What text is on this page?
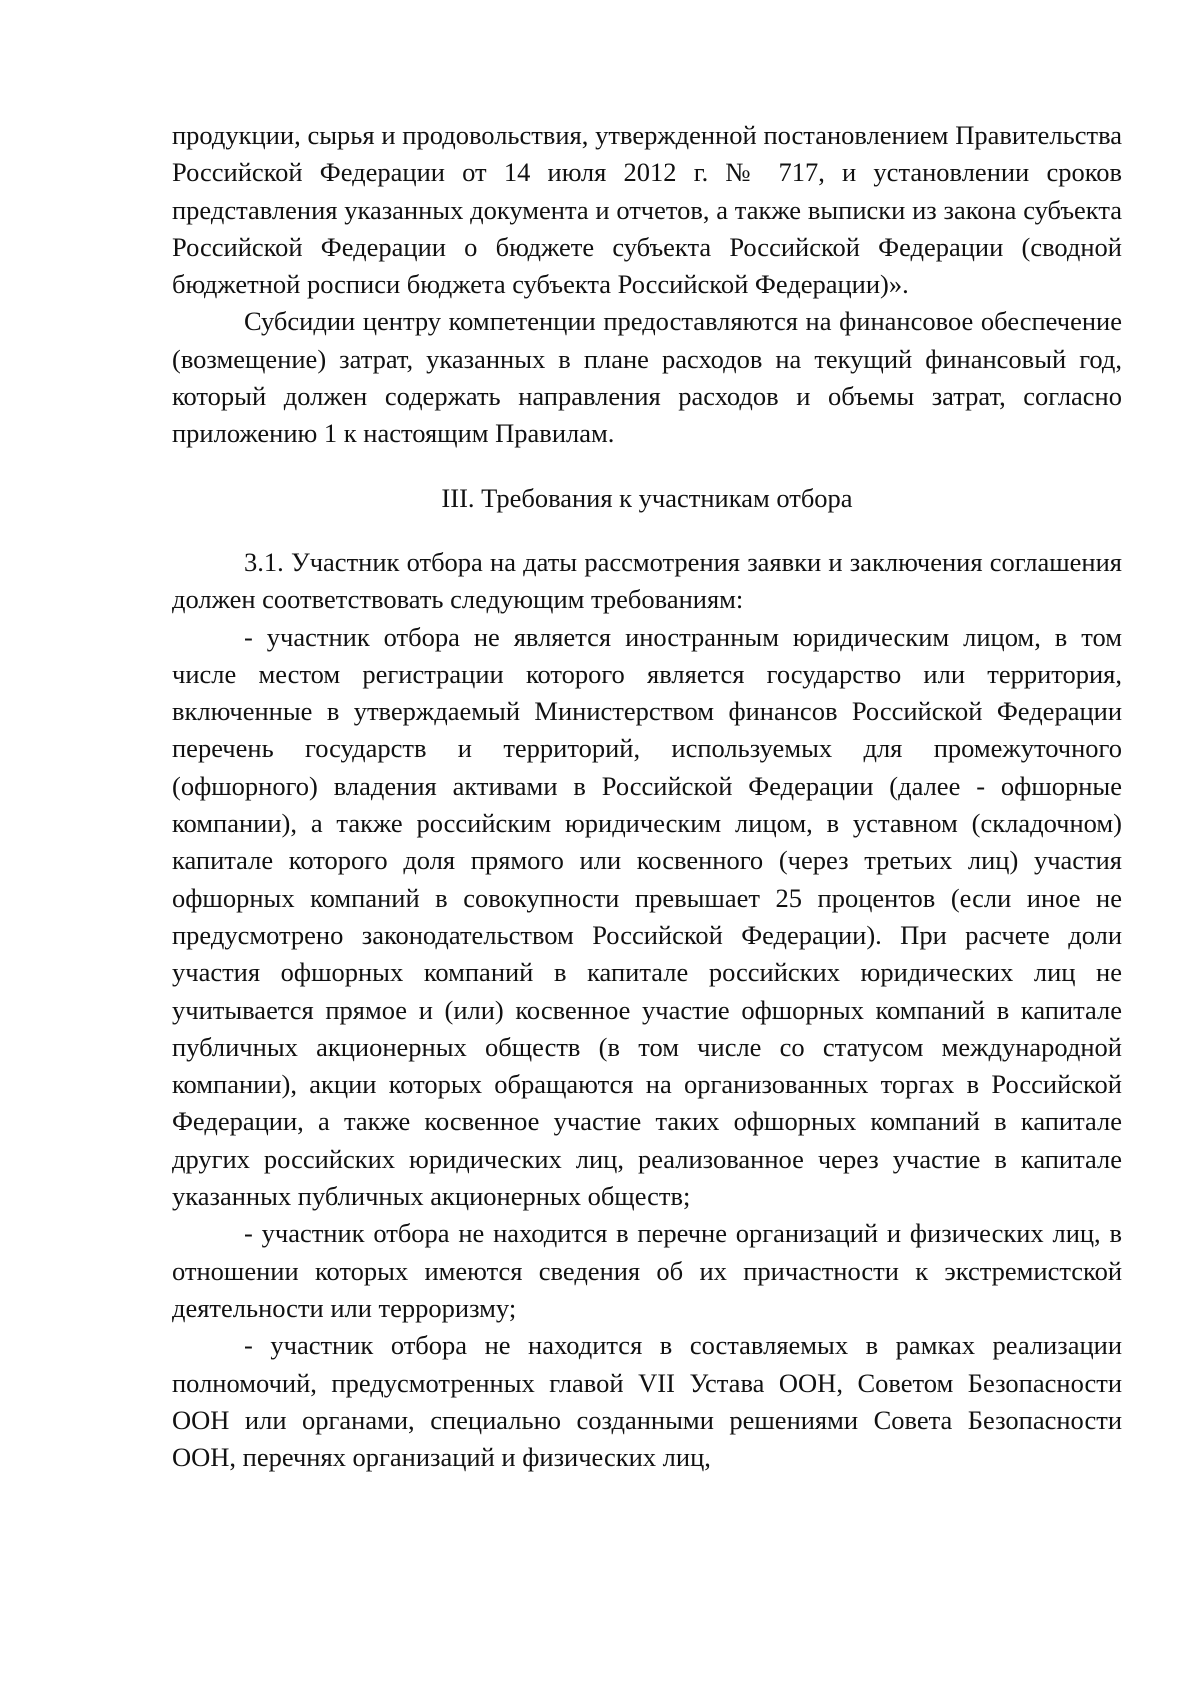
продукции, сырья и продовольствия, утвержденной постановлением Правительства Российской Федерации от 14 июля 2012 г. № 717, и установлении сроков представления указанных документа и отчетов, а также выписки из закона субъекта Российской Федерации о бюджете субъекта Российской Федерации (сводной бюджетной росписи бюджета субъекта Российской Федерации)».

Субсидии центру компетенции предоставляются на финансовое обеспечение (возмещение) затрат, указанных в плане расходов на текущий финансовый год, который должен содержать направления расходов и объемы затрат, согласно приложению 1 к настоящим Правилам.

III. Требования к участникам отбора

3.1. Участник отбора на даты рассмотрения заявки и заключения соглашения должен соответствовать следующим требованиям:

- участник отбора не является иностранным юридическим лицом, в том числе местом регистрации которого является государство или территория, включенные в утверждаемый Министерством финансов Российской Федерации перечень государств и территорий, используемых для промежуточного (офшорного) владения активами в Российской Федерации (далее - офшорные компании), а также российским юридическим лицом, в уставном (складочном) капитале которого доля прямого или косвенного (через третьих лиц) участия офшорных компаний в совокупности превышает 25 процентов (если иное не предусмотрено законодательством Российской Федерации). При расчете доли участия офшорных компаний в капитале российских юридических лиц не учитывается прямое и (или) косвенное участие офшорных компаний в капитале публичных акционерных обществ (в том числе со статусом международной компании), акции которых обращаются на организованных торгах в Российской Федерации, а также косвенное участие таких офшорных компаний в капитале других российских юридических лиц, реализованное через участие в капитале указанных публичных акционерных обществ;

- участник отбора не находится в перечне организаций и физических лиц, в отношении которых имеются сведения об их причастности к экстремистской деятельности или терроризму;

- участник отбора не находится в составляемых в рамках реализации полномочий, предусмотренных главой VII Устава ООН, Советом Безопасности ООН или органами, специально созданными решениями Совета Безопасности ООН, перечнях организаций и физических лиц,
